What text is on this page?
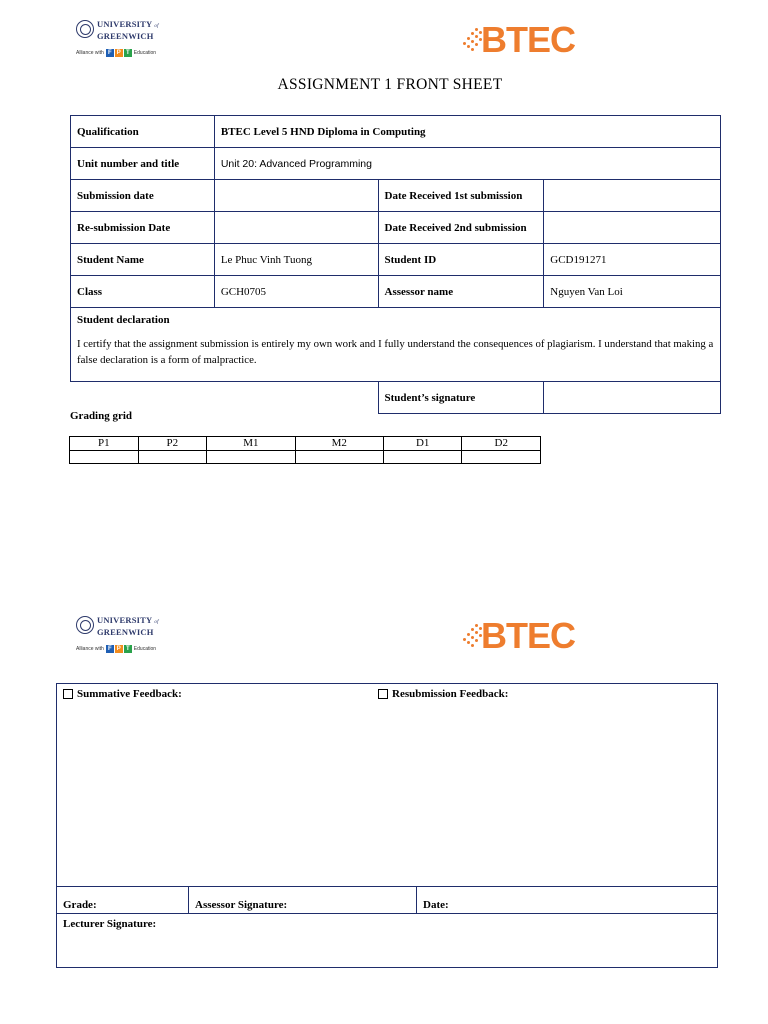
UNIVERSITY of
GREENWICH
Alliance with F P T Education	BTEC
ASSIGNMENT 1 FRONT SHEET
Qualification	BTEC Level 5 HND Diploma in Computing		
Unit number and title	Unit 20: Advanced Programming		
Submission date		Date Received 1st submission	
Re-submission Date		Date Received 2nd submission	
Student Name	Le Phuc Vinh Tuong	Student ID	GCD191271
Class	GCH0705	Assessor name	Nguyen Van Loi

Student declaration
I certify that the assignment submission is entirely my own work and I fully understand the consequences of plagiarism. I understand that making a false declaration is a form of malpractice.			

		Student’s signature	
Grading grid
P1	P2	M1	M2	D1	D2

UNIVERSITY of
GREENWICH
Alliance with F P T Education	BTEC
Summative Feedback:	Resubmission Feedback:
Grade:	Assessor Signature:	Date:
Lecturer Signature:
